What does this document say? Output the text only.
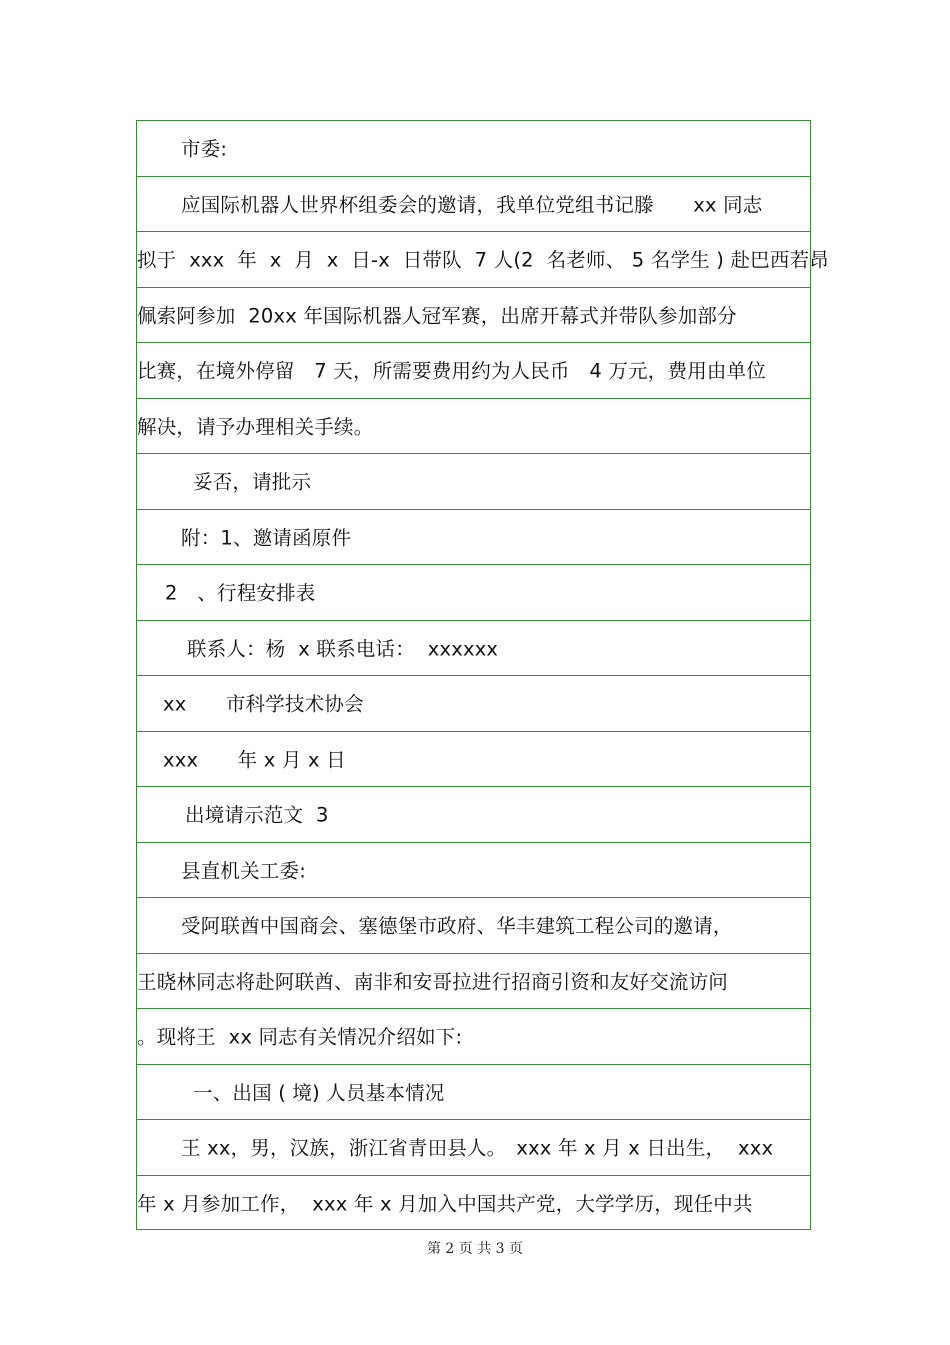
市委:
应国际机器人世界杯组委会的邀请，我单位党组书记滕　　xx 同志
拟于  xxx  年  x  月  x  日-x  日带队  7 人(2  名老师、 5 名学生 ) 赴巴西若昂
佩索阿参加  20xx 年国际机器人冠军赛，出席开幕式并带队参加部分
比赛，在境外停留　7 天，所需要费用约为人民币　4 万元，费用由单位
解决，请予办理相关手续。
妥否，请批示
附：1、邀请函原件
2　、行程安排表
联系人：杨  x 联系电话：  xxxxxx
xx　　市科学技术协会
xxx　　年 x 月 x 日
出境请示范文  3
县直机关工委:
受阿联酋中国商会、塞德堡市政府、华丰建筑工程公司的邀请，
王晓林同志将赴阿联酋、南非和安哥拉进行招商引资和友好交流访问
。现将王  xx 同志有关情况介绍如下:
一、出国 ( 境) 人员基本情况
王 xx，男，汉族，浙江省青田县人。　xxx 年 x 月 x 日出生，  xxx
年 x 月参加工作，  xxx 年 x 月加入中国共产党，大学学历，现任中共
第 2 页 共 3 页
